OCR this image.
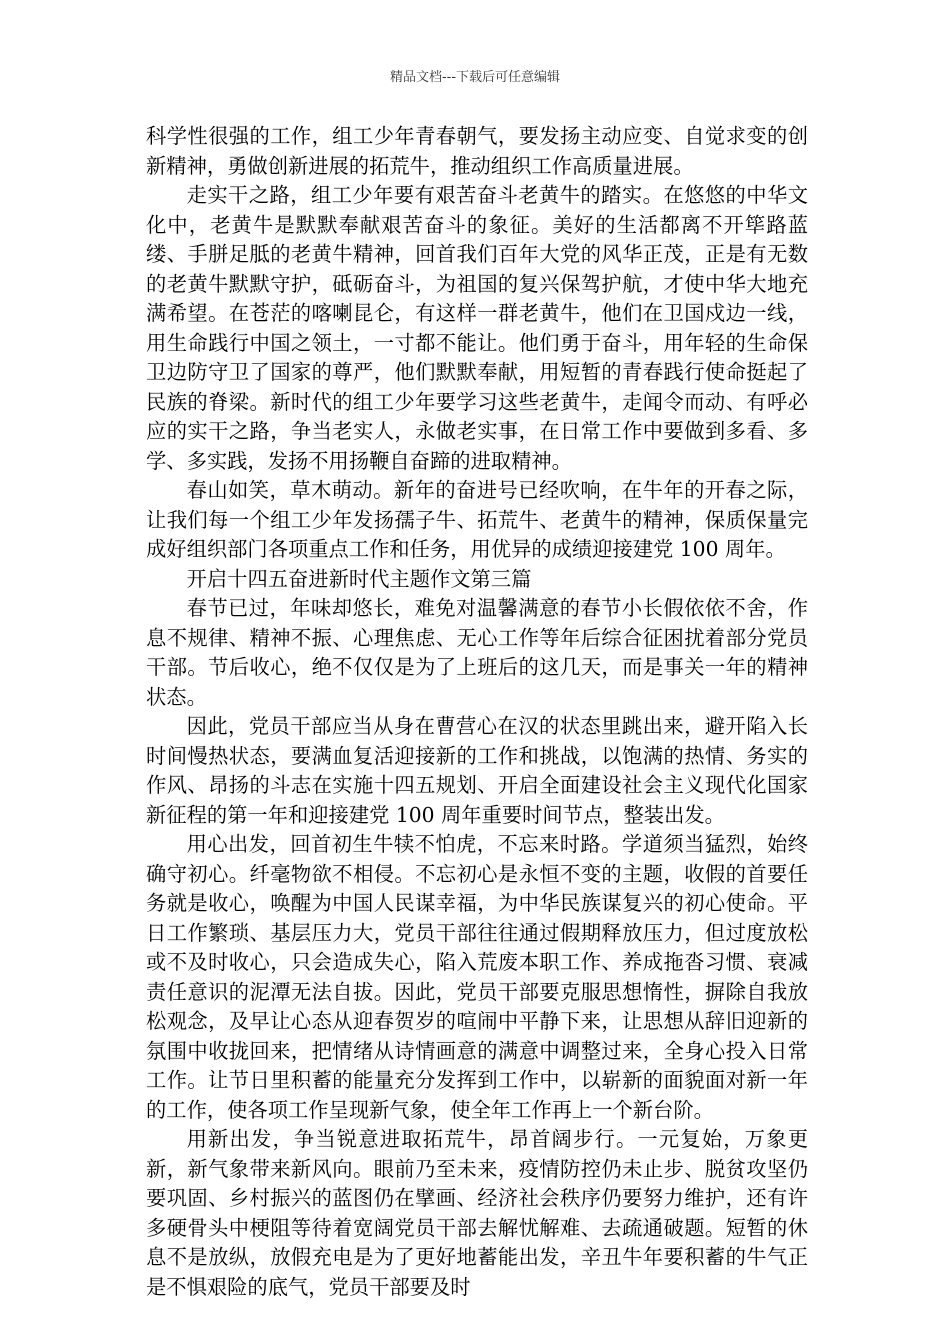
精品文档---下载后可任意编辑

科学性很强的工作，组工少年青春朝气，要发扬主动应变、自觉求变的创新精神，勇做创新进展的拓荒牛，推动组织工作高质量进展。

走实干之路，组工少年要有艰苦奋斗老黄牛的踏实。在悠悠的中华文化中，老黄牛是默默奉献艰苦奋斗的象征。美好的生活都离不开筚路蓝缕、手胼足胝的老黄牛精神，回首我们百年大党的风华正茂，正是有无数的老黄牛默默守护，砥砺奋斗，为祖国的复兴保驾护航，才使中华大地充满希望。在苍茫的喀喇昆仑，有这样一群老黄牛，他们在卫国戍边一线，用生命践行中国之领土，一寸都不能让。他们勇于奋斗，用年轻的生命保卫边防守卫了国家的尊严，他们默默奉献，用短暂的青春践行使命挺起了民族的脊梁。新时代的组工少年要学习这些老黄牛，走闻令而动、有呼必应的实干之路，争当老实人，永做老实事，在日常工作中要做到多看、多学、多实践，发扬不用扬鞭自奋蹄的进取精神。

春山如笑，草木萌动。新年的奋进号已经吹响，在牛年的开春之际，让我们每一个组工少年发扬孺子牛、拓荒牛、老黄牛的精神，保质保量完成好组织部门各项重点工作和任务，用优异的成绩迎接建党 100 周年。

开启十四五奋进新时代主题作文第三篇

春节已过，年味却悠长，难免对温馨满意的春节小长假依依不舍，作息不规律、精神不振、心理焦虑、无心工作等年后综合征困扰着部分党员干部。节后收心，绝不仅仅是为了上班后的这几天，而是事关一年的精神状态。

因此，党员干部应当从身在曹营心在汉的状态里跳出来，避开陷入长时间慢热状态，要满血复活迎接新的工作和挑战，以饱满的热情、务实的作风、昂扬的斗志在实施十四五规划、开启全面建设社会主义现代化国家新征程的第一年和迎接建党 100 周年重要时间节点，整装出发。

用心出发，回首初生牛犊不怕虎，不忘来时路。学道须当猛烈，始终确守初心。纤毫物欲不相侵。不忘初心是永恒不变的主题，收假的首要任务就是收心，唤醒为中国人民谋幸福，为中华民族谋复兴的初心使命。平日工作繁琐、基层压力大，党员干部往往通过假期释放压力，但过度放松或不及时收心，只会造成失心，陷入荒废本职工作、养成拖沓习惯、衰减责任意识的泥潭无法自拔。因此，党员干部要克服思想惰性，摒除自我放松观念，及早让心态从迎春贺岁的喧闹中平静下来，让思想从辞旧迎新的氛围中收拢回来，把情绪从诗情画意的满意中调整过来，全身心投入日常工作。让节日里积蓄的能量充分发挥到工作中，以崭新的面貌面对新一年的工作，使各项工作呈现新气象，使全年工作再上一个新台阶。

用新出发，争当锐意进取拓荒牛，昂首阔步行。一元复始，万象更新，新气象带来新风向。眼前乃至未来，疫情防控仍未止步、脱贫攻坚仍要巩固、乡村振兴的蓝图仍在擘画、经济社会秩序仍要努力维护，还有许多硬骨头中梗阻等待着宽阔党员干部去解忧解难、去疏通破题。短暂的休息不是放纵，放假充电是为了更好地蓄能出发，辛丑牛年要积蓄的牛气正是不惧艰险的底气，党员干部要及时
